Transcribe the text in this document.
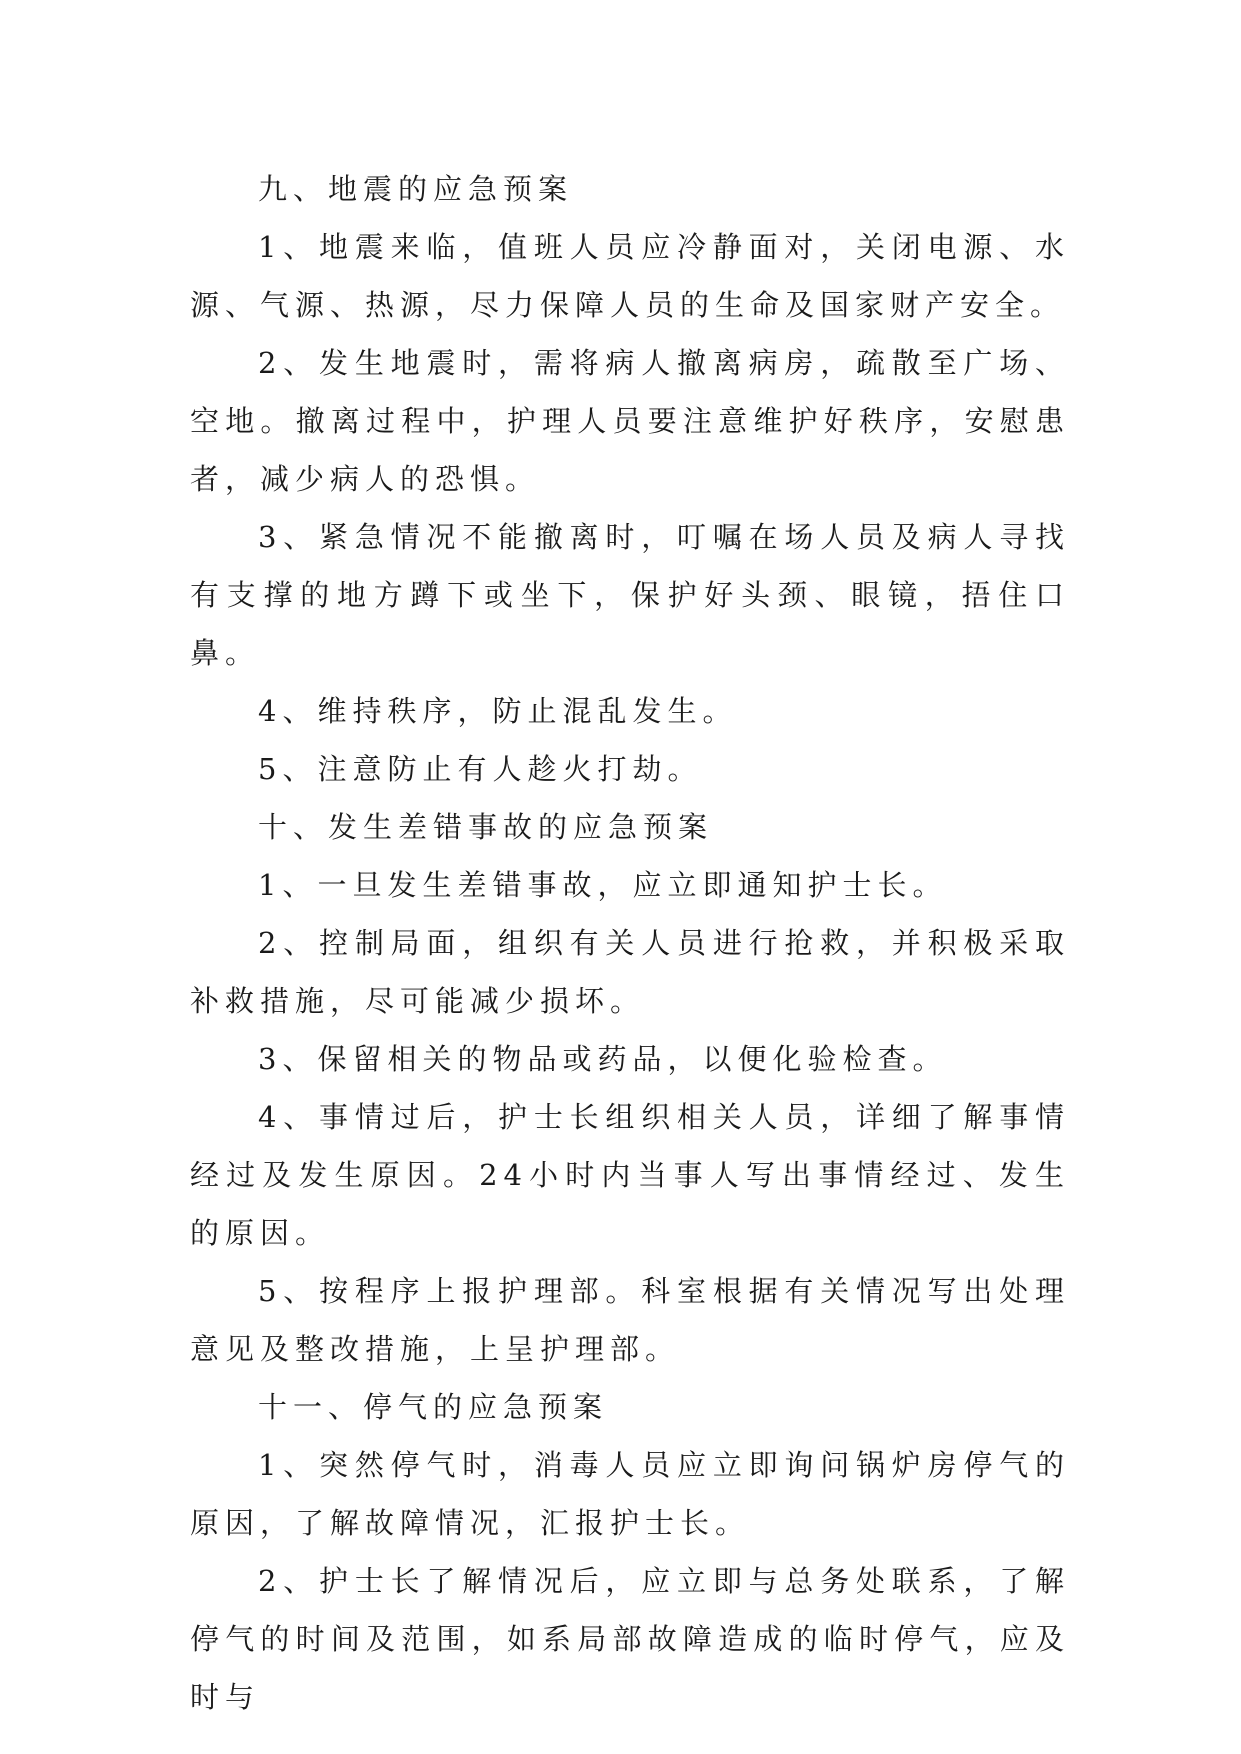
九、地震的应急预案

1、地震来临，值班人员应冷静面对，关闭电源、水源、气源、热源，尽力保障人员的生命及国家财产安全。

2、发生地震时，需将病人撤离病房，疏散至广场、空地。撤离过程中，护理人员要注意维护好秩序，安慰患者，减少病人的恐惧。

3、紧急情况不能撤离时，叮嘱在场人员及病人寻找有支撑的地方蹲下或坐下，保护好头颈、眼镜，捂住口鼻。

4、维持秩序，防止混乱发生。

5、注意防止有人趁火打劫。

十、发生差错事故的应急预案

1、一旦发生差错事故，应立即通知护士长。

2、控制局面，组织有关人员进行抢救，并积极采取补救措施，尽可能减少损坏。

3、保留相关的物品或药品，以便化验检查。

4、事情过后，护士长组织相关人员，详细了解事情经过及发生原因。24小时内当事人写出事情经过、发生的原因。

5、按程序上报护理部。科室根据有关情况写出处理意见及整改措施，上呈护理部。

十一、停气的应急预案

1、突然停气时，消毒人员应立即询问锅炉房停气的原因，了解故障情况，汇报护士长。

2、护士长了解情况后，应立即与总务处联系，了解停气的时间及范围，如系局部故障造成的临时停气，应及时与
